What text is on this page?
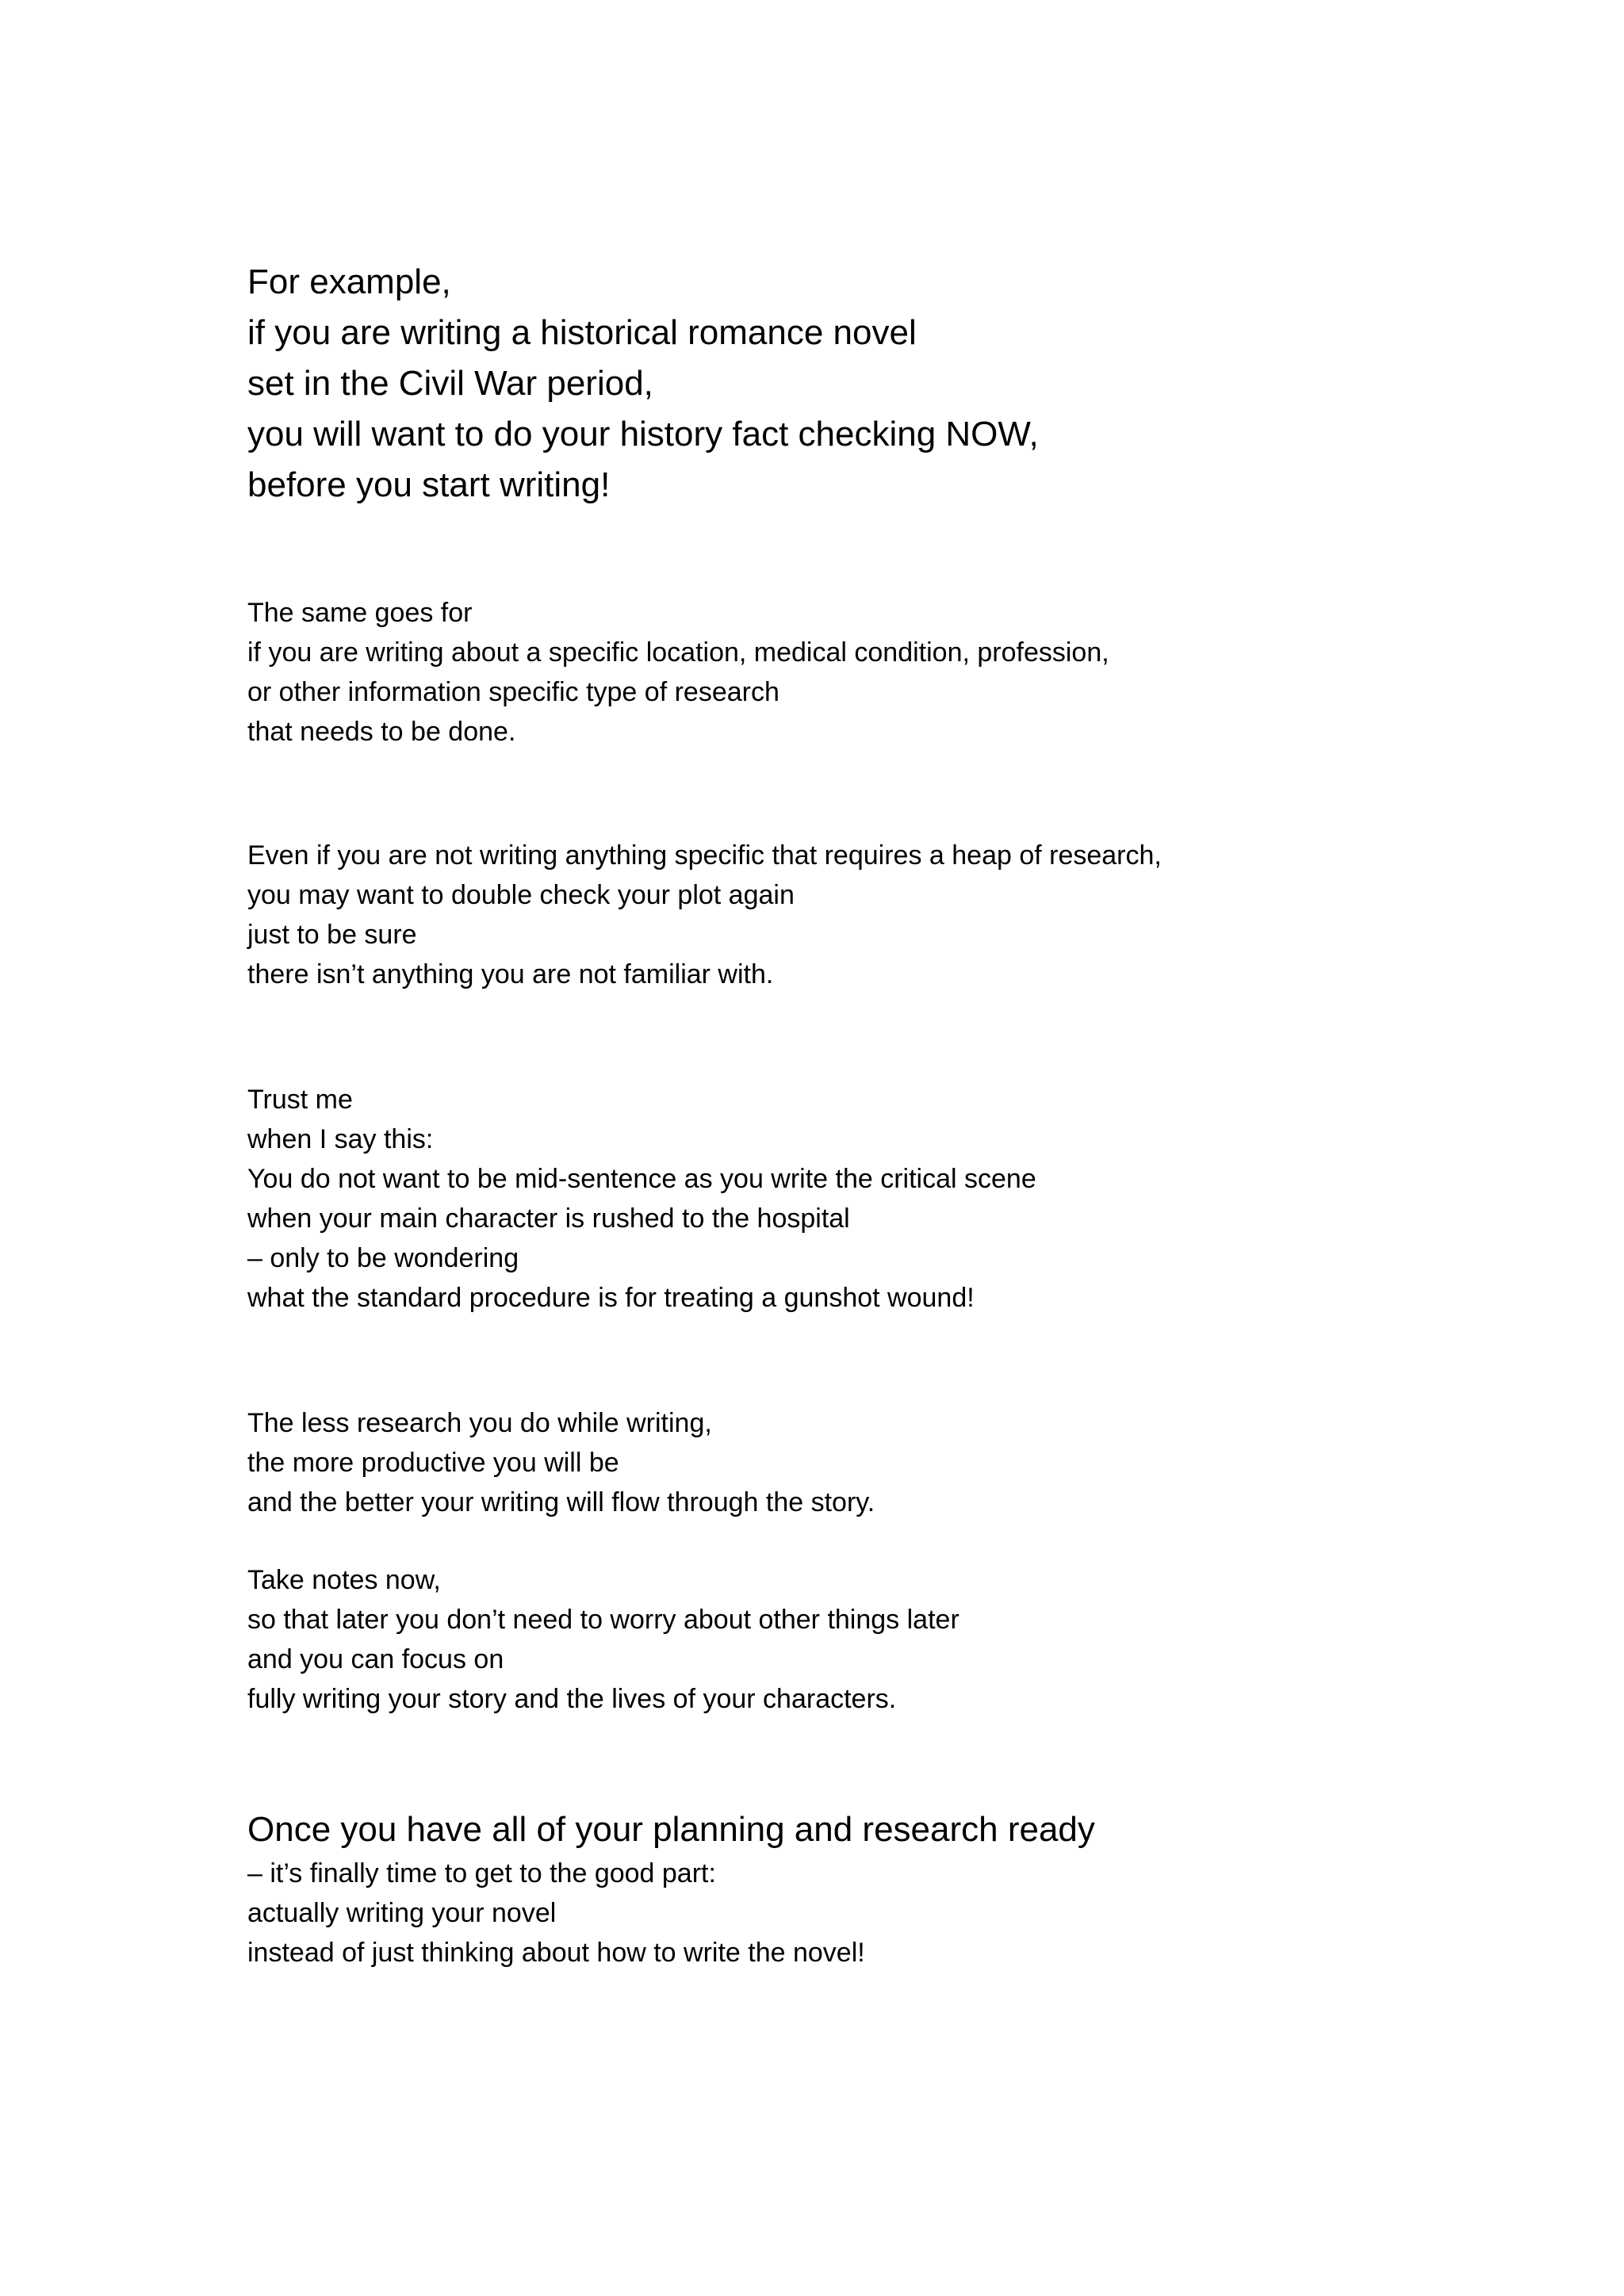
For example,
if you are writing a historical romance novel
set in the Civil War period,
you will want to do your history fact checking NOW,
before you start writing!
The same goes for
if you are writing about a specific location, medical condition, profession,
or other information specific type of research
that needs to be done.
Even if you are not writing anything specific that requires a heap of research,
you may want to double check your plot again
just to be sure
there isn’t anything you are not familiar with.
Trust me
when I say this:
You do not want to be mid-sentence as you write the critical scene
when your main character is rushed to the hospital
– only to be wondering
what the standard procedure is for treating a gunshot wound!
The less research you do while writing,
the more productive you will be
and the better your writing will flow through the story.
Take notes now,
so that later you don’t need to worry about other things later
and you can focus on
fully writing your story and the lives of your characters.
Once you have all of your planning and research ready
– it’s finally time to get to the good part:
actually writing your novel
instead of just thinking about how to write the novel!
